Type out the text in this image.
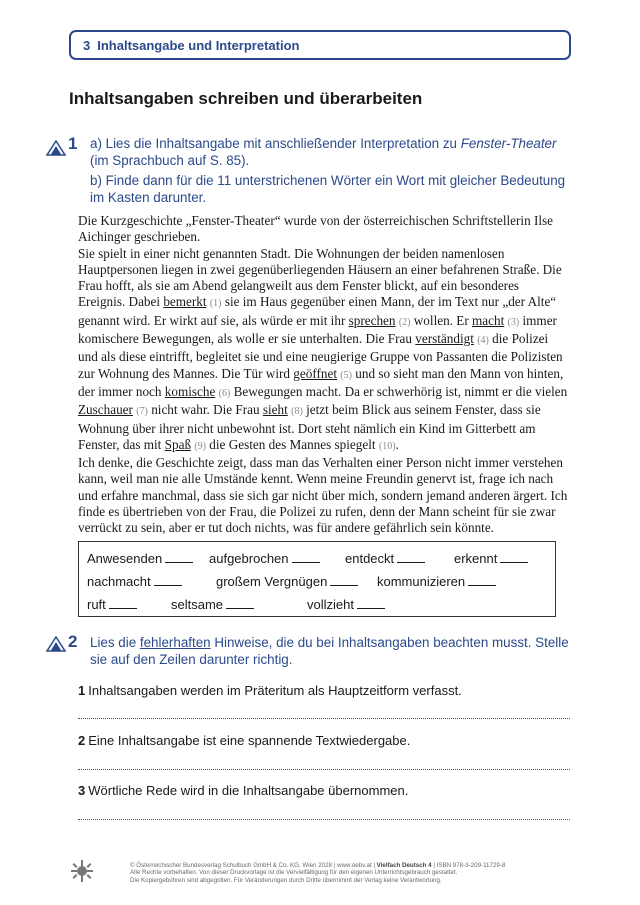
3 Inhaltsangabe und Interpretation
Inhaltsangaben schreiben und überarbeiten
1 a) Lies die Inhaltsangabe mit anschließender Interpretation zu Fenster-Theater (im Sprachbuch auf S. 85).

b) Finde dann für die 11 unterstrichenen Wörter ein Wort mit gleicher Bedeutung im Kasten darunter.

Die Kurzgeschichte „Fenster-Theater“ wurde von der österreichischen Schriftstellerin Ilse Aichinger geschrieben.

Sie spielt in einer nicht genannten Stadt. Die Wohnungen der beiden namenlosen Hauptpersonen liegen in zwei gegenüberliegenden Häusern an einer befahrenen Straße. Die Frau hofft, als sie am Abend gelangweilt aus dem Fenster blickt, auf ein besonderes Ereignis. Dabei bemerkt (1) sie im Haus gegenüber einen Mann, der im Text nur „der Alte“ genannt wird. Er wirkt auf sie, als würde er mit ihr sprechen (2) wollen. Er macht (3) immer komischere Bewegungen, als wolle er sie unterhalten. Die Frau verständigt (4) die Polizei und als diese eintrifft, begleitet sie und eine neugierige Gruppe von Passanten die Polizisten zur Wohnung des Mannes. Die Tür wird geöffnet (5) und so sieht man den Mann von hinten, der immer noch komische (6) Bewegungen macht. Da er schwerhörig ist, nimmt er die vielen Zuschauer (7) nicht wahr. Die Frau sieht (8) jetzt beim Blick aus seinem Fenster, dass sie Wohnung über ihrer nicht unbewohnt ist. Dort steht nämlich ein Kind im Gitterbett am Fenster, das mit Spaß (9) die Gesten des Mannes spiegelt (10).

Ich denke, die Geschichte zeigt, dass man das Verhalten einer Person nicht immer verstehen kann, weil man nie alle Umstände kennt. Wenn meine Freundin genervt ist, frage ich nach und erfahre manchmal, dass sie sich gar nicht über mich, sondern jemand anderen ärgert. Ich finde es übertrieben von der Frau, die Polizei zu rufen, denn der Mann scheint für sie zwar verrückt zu sein, aber er tut doch nichts, was für andere gefährlich sein könnte.

Anwesenden	aufgebrochen	entdeckt	erkennt
nachmacht	großem Vergnügen	kommunizieren
ruft	seltsame	vollzieht
2 Lies die fehlerhaften Hinweise, die du bei Inhaltsangaben beachten musst. Stelle sie auf den Zeilen darunter richtig.

1 Inhaltsangaben werden im Präteritum als Hauptzeitform verfasst.
2 Eine Inhaltsangabe ist eine spannende Textwiedergabe.
3 Wörtliche Rede wird in die Inhaltsangabe übernommen.
© Österreichischer Bundesverlag Schulbuch GmbH & Co. KG, Wien 2028 | www.oebv.at | Vielfach Deutsch 4 | ISBN 978-3-209-11729-8
Alle Rechte vorbehalten. Von dieser Druckvorlage ist die Vervielfältigung für den eigenen Unterrichtsgebrauch gestattet.
Die Kopiergebühren sind abgegolten. Für Veränderungen durch Dritte übernimmt der Verlag keine Verantwortung.
